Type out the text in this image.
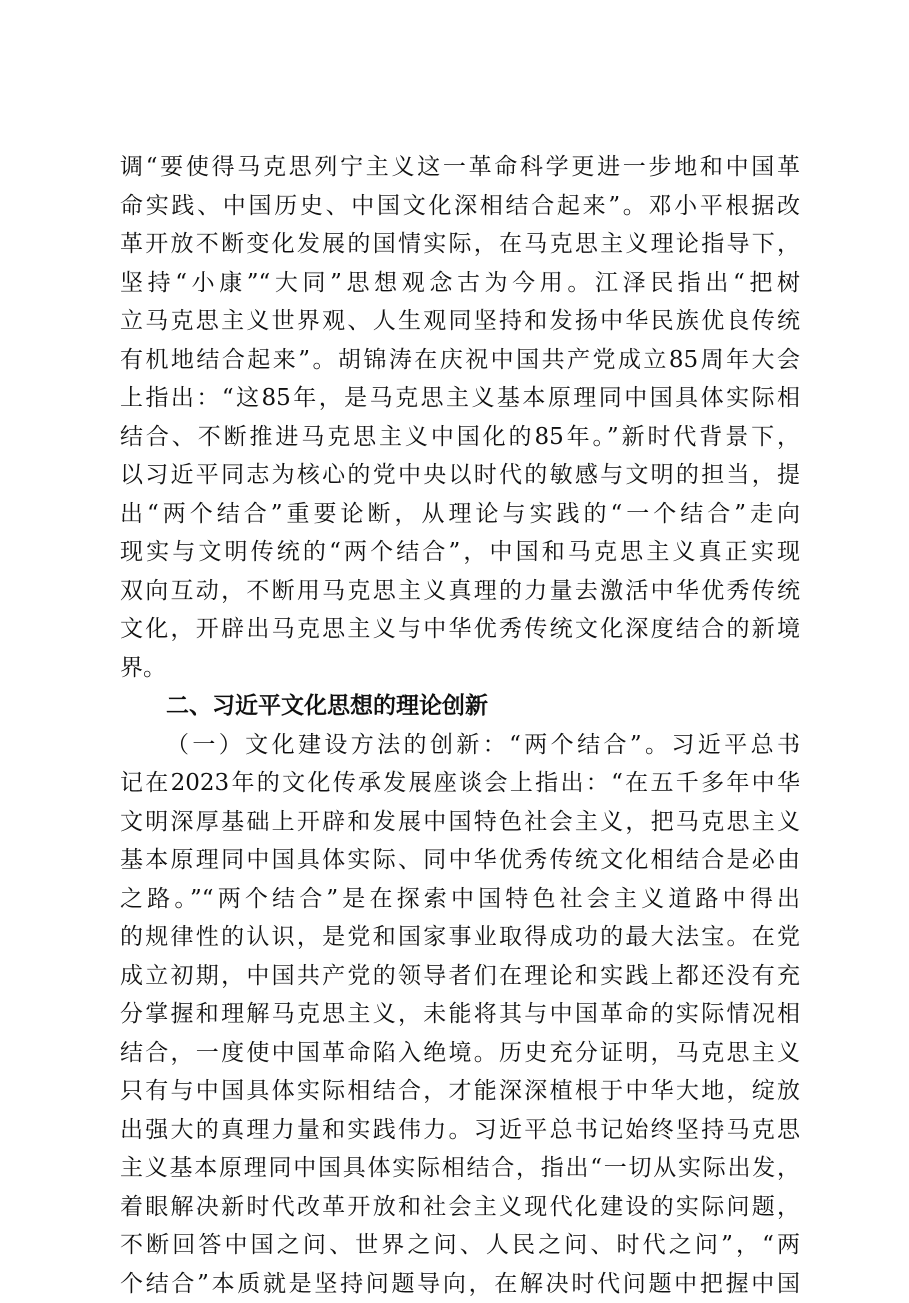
调“要使得马克思列宁主义这一革命科学更进一步地和中国革
命实践、中国历史、中国文化深相结合起来”。邓小平根据改
革开放不断变化发展的国情实际，在马克思主义理论指导下，
坚持“小康”“大同”思想观念古为今用。江泽民指出“把树
立马克思主义世界观、人生观同坚持和发扬中华民族优良传统
有机地结合起来”。胡锦涛在庆祝中国共产党成立85周年大会
上指出：“这85年，是马克思主义基本原理同中国具体实际相
结合、不断推进马克思主义中国化的85年。”新时代背景下，
以习近平同志为核心的党中央以时代的敏感与文明的担当，提
出“两个结合”重要论断，从理论与实践的“一个结合”走向
现实与文明传统的“两个结合”，中国和马克思主义真正实现
双向互动，不断用马克思主义真理的力量去激活中华优秀传统
文化，开辟出马克思主义与中华优秀传统文化深度结合的新境
界。
二、习近平文化思想的理论创新
（一）文化建设方法的创新：“两个结合”。习近平总书
记在2023年的文化传承发展座谈会上指出：“在五千多年中华
文明深厚基础上开辟和发展中国特色社会主义，把马克思主义
基本原理同中国具体实际、同中华优秀传统文化相结合是必由
之路。”“两个结合”是在探索中国特色社会主义道路中得出
的规律性的认识，是党和国家事业取得成功的最大法宝。在党
成立初期，中国共产党的领导者们在理论和实践上都还没有充
分掌握和理解马克思主义，未能将其与中国革命的实际情况相
结合，一度使中国革命陷入绝境。历史充分证明，马克思主义
只有与中国具体实际相结合，才能深深植根于中华大地，绽放
出强大的真理力量和实践伟力。习近平总书记始终坚持马克思
主义基本原理同中国具体实际相结合，指出“一切从实际出发，
着眼解决新时代改革开放和社会主义现代化建设的实际问题，
不断回答中国之问、世界之问、人民之问、时代之问”，“两
个结合”本质就是坚持问题导向，在解决时代问题中把握中国
